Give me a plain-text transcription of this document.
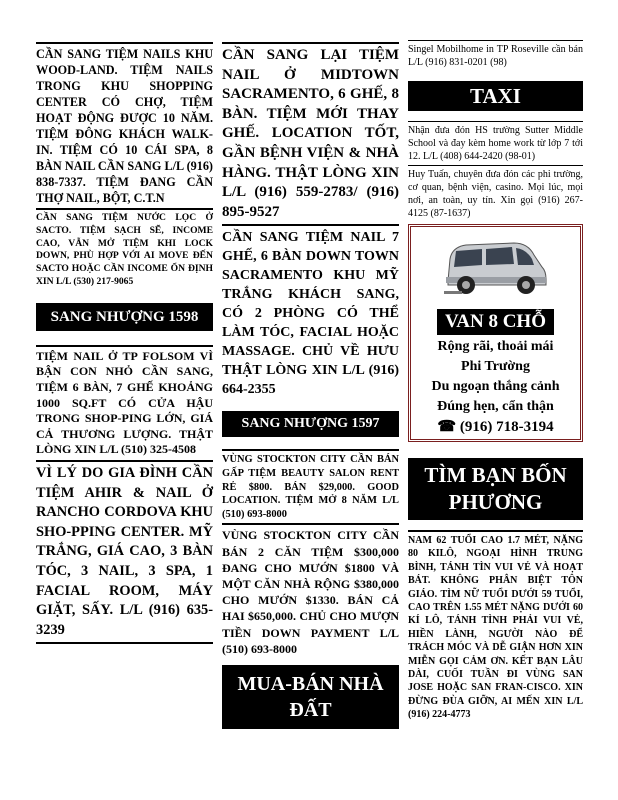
CẦN SANG TIỆM NAILS KHU WOOD-LAND. TIỆM NAILS TRONG KHU SHOPPING CENTER CÓ CHỢ, TIỆM HOẠT ĐỘNG ĐƯỢC 10 NĂM. TIỆM ĐÔNG KHÁCH WALK-IN. TIỆM CÓ 10 CÁI SPA, 8 BÀN NAIL CẦN SANG L/L (916) 838-7337. TIỆM ĐANG CẦN THỢ NAIL, BỘT, C.T.N

CẦN SANG TIỆM NƯỚC LỌC Ở SACTO. TIỆM SẠCH SẼ, INCOME CAO, VẪN MỞ TIỆM KHI LOCK DOWN, PHÙ HỢP VỚI AI MOVE ĐẾN SACTO HOẶC CẦN INCOME ỔN ĐỊNH XIN L/L (530) 217-9065

SANG NHƯỢNG 1598

TIỆM NAIL Ở TP FOLSOM VÌ BẬN CON NHỎ CẦN SANG, TIỆM 6 BÀN, 7 GHẾ KHOẢNG 1000 SQ.FT CÓ CỬA HẬU TRONG SHOP-PING LỚN, GIÁ CẢ THƯƠNG LƯỢNG. THẬT LÒNG XIN L/L (510) 325-4508

VÌ LÝ DO GIA ĐÌNH CẦN TIỆM AHIR & NAIL Ở RANCHO CORDOVA KHU SHO-PPING CENTER. MỸ TRẮNG, GIÁ CAO, 3 BÀN TÓC, 3 NAIL, 3 SPA, 1 FACIAL ROOM, MÁY GIẶT, SẤY. L/L (916) 635-3239

CẦN SANG LẠI TIỆM NAIL Ở MIDTOWN SACRAMENTO, 6 GHẾ, 8 BÀN. TIỆM MỚI THAY GHẾ. LOCATION TỐT, GẦN BỆNH VIỆN & NHÀ HÀNG. THẬT LÒNG XIN L/L (916) 559-2783/ (916) 895-9527

CẦN SANG TIỆM NAIL 7 GHẾ, 6 BÀN DOWN TOWN SACRAMENTO KHU MỸ TRẮNG KHÁCH SANG, CÓ 2 PHÒNG CÓ THỂ LÀM TÓC, FACIAL HOẶC MASSAGE. CHỦ VỀ HƯU THẬT LÒNG XIN L/L (916) 664-2355

SANG NHƯỢNG 1597

VÙNG STOCKTON CITY CẦN BÁN GẤP TIỆM BEAUTY SALON RENT RẺ $800. BÁN $29,000. GOOD LOCATION. TIỆM MỞ 8 NĂM L/L (510) 693-8000

VÙNG STOCKTON CITY CẦN BÁN 2 CĂN TIỆM $300,000 ĐANG CHO MƯỚN $1800 VÀ MỘT CĂN NHÀ RỘNG $380,000 CHO MƯỚN $1330. BÁN CẢ HAI $650,000. CHỦ CHO MƯỢN TIỀN DOWN PAYMENT L/L (510) 693-8000

MUA-BÁN NHÀ ĐẤT

Singel Mobilhome in TP Roseville cần bán L/L (916) 831-0201 (98)

TAXI

Nhận đưa đón HS trường Sutter Middle School và đay kèm home work từ lớp 7 tới 12. L/L (408) 644-2420 (98-01)

Huy Tuấn, chuyên đưa đón các phi trường, cơ quan, bệnh viện, casino. Mọi lúc, mọi nơi, an toàn, uy tín. Xin gọi (916) 267-4125 (87-1637)

VAN 8 CHỖ
Rộng rãi, thoải mái
Phi Trường
Du ngoạn thắng cảnh
Đúng hẹn, cẩn thận
☎ (916) 718-3194
TÌM BẠN BỐN PHƯƠNG

NAM 62 TUỔI CAO 1.7 MÉT, NẶNG 80 KILÔ, NGOẠI HÌNH TRUNG BÌNH, TÁNH TÌN VUI VẺ VÀ HOẠT BÁT. KHÔNG PHÂN BIỆT TÔN GIÁO. TÌM NỮ TUỔI DƯỚI 59 TUỔI, CAO TRÊN 1.55 MÉT NẶNG DƯỚI 60 KÍ LÔ, TÁNH TÌNH PHẢI VUI VẺ, HIỀN LÀNH, NGƯỜI NÀO ĐỂ TRÁCH MÓC VÀ DỄ GIẬN HƠN XIN MIỄN GỌI CẢM ƠN. KẾT BẠN LÂU DÀI, CUỐI TUẦN ĐI VÙNG SAN JOSE HOẶC SAN FRAN-CISCO. XIN ĐỪNG ĐÙA GIỠN, AI MẾN XIN L/L (916) 224-4773
